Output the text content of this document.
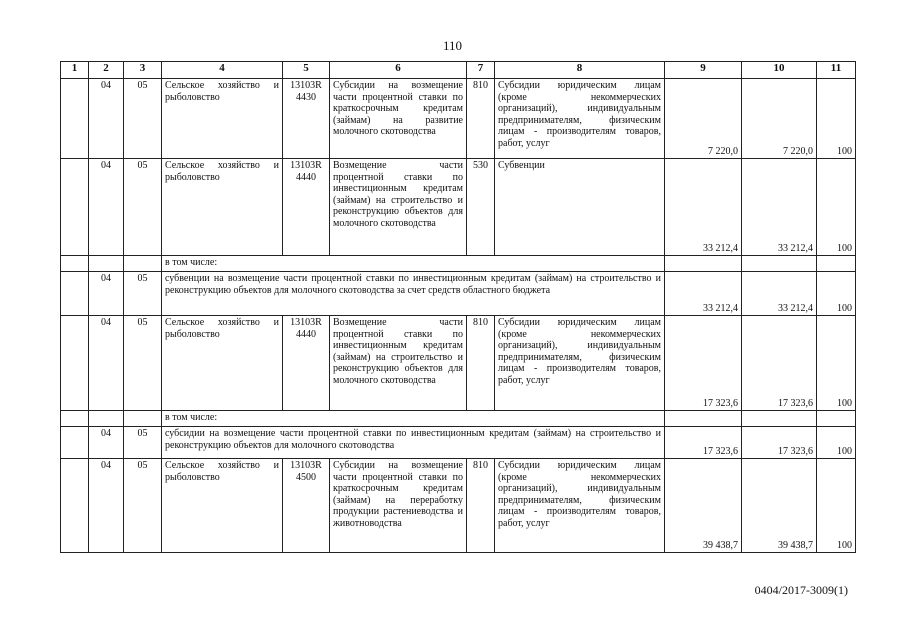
110
1	2	3	4	5	6	7	8	9	10	11
	04	05	Сельское хозяйство и рыболовство	13103R 4430	Субсидии на возмещение части процентной ставки по краткосрочным кредитам (займам) на развитие молочного скотоводства	810	Субсидии юридическим лицам (кроме некоммерческих организаций), индивидуальным предпринимателям, физическим лицам - производителям товаров, работ, услуг	7 220,0	7 220,0	100
	04	05	Сельское хозяйство и рыболовство	13103R 4440	Возмещение части процентной ставки по инвестиционным кредитам (займам) на строительство и реконструкцию объектов для молочного скотоводства	530	Субвенции	33 212,4	33 212,4	100
			в том числе:							
	04	05	субвенции на возмещение части процентной ставки по инвестиционным кредитам (займам) на строительство и реконструкцию объектов для молочного скотоводства за счет средств областного бюджета					33 212,4	33 212,4	100
	04	05	Сельское хозяйство и рыболовство	13103R 4440	Возмещение части процентной ставки по инвестиционным кредитам (займам) на строительство и реконструкцию объектов для молочного скотоводства	810	Субсидии юридическим лицам (кроме некоммерческих организаций), индивидуальным предпринимателям, физическим лицам - производителям товаров, работ, услуг	17 323,6	17 323,6	100
			в том числе:							
	04	05	субсидии на возмещение части процентной ставки по инвестиционным кредитам (займам) на строительство и реконструкцию объектов для молочного скотоводства					17 323,6	17 323,6	100
	04	05	Сельское хозяйство и рыболовство	13103R 4500	Субсидии на возмещение части процентной ставки по краткосрочным кредитам (займам) на переработку продукции растениеводства и животноводства	810	Субсидии юридическим лицам (кроме некоммерческих организаций), индивидуальным предпринимателям, физическим лицам - производителям товаров, работ, услуг	39 438,7	39 438,7	100
0404/2017-3009(1)
